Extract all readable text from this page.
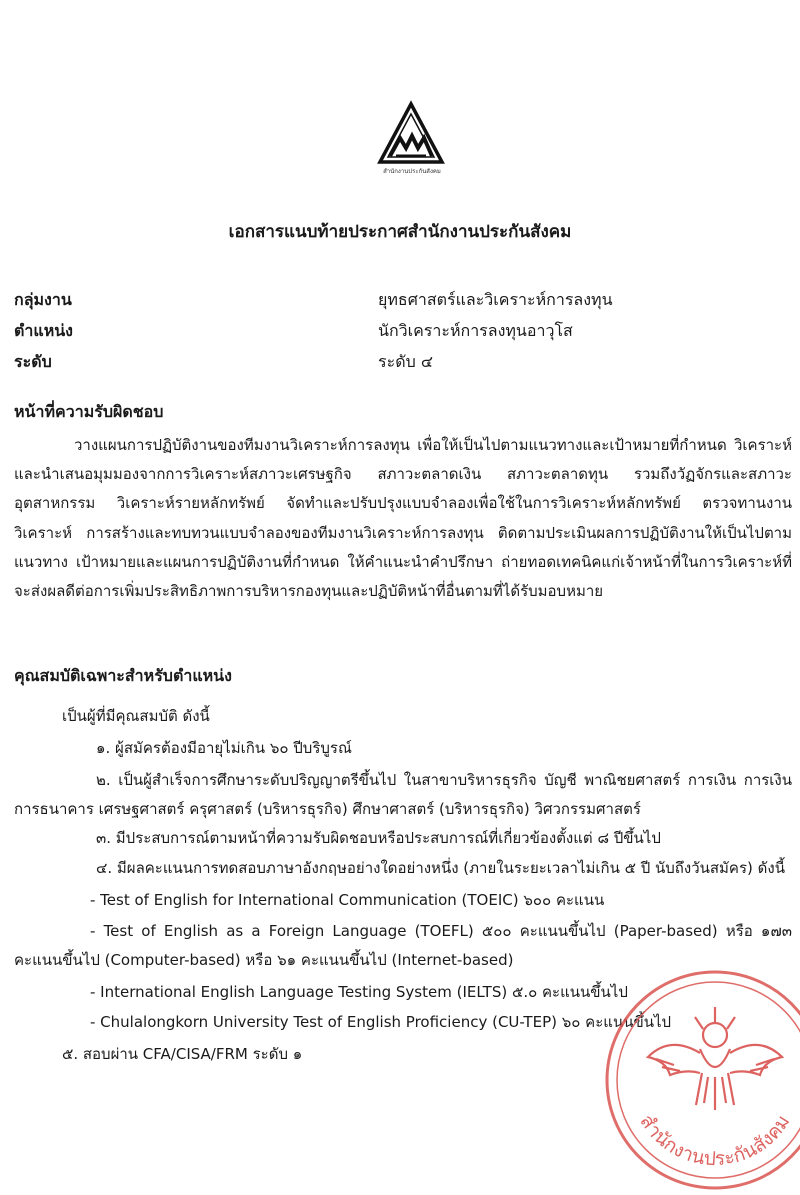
สำนักงานประกันสังคม
เอกสารแนบท้ายประกาศสำนักงานประกันสังคม
กลุ่มงาน	ยุทธศาสตร์และวิเคราะห์การลงทุน
ตำแหน่ง	นักวิเคราะห์การลงทุนอาวุโส
ระดับ	ระดับ ๔
หน้าที่ความรับผิดชอบ
วางแผนการปฏิบัติงานของทีมงานวิเคราะห์การลงทุน เพื่อให้เป็นไปตามแนวทางและเป้าหมายที่กำหนด วิเคราะห์และนำเสนอมุมมองจากการวิเคราะห์สภาวะเศรษฐกิจ สภาวะตลาดเงิน สภาวะตลาดทุน รวมถึงวัฏจักรและสภาวะอุตสาหกรรม วิเคราะห์รายหลักทรัพย์ จัดทำและปรับปรุงแบบจำลองเพื่อใช้ในการวิเคราะห์หลักทรัพย์ ตรวจทานงานวิเคราะห์ การสร้างและทบทวนแบบจำลองของทีมงานวิเคราะห์การลงทุน ติดตามประเมินผลการปฏิบัติงานให้เป็นไปตามแนวทาง เป้าหมายและแผนการปฏิบัติงานที่กำหนด ให้คำแนะนำคำปรึกษา ถ่ายทอดเทคนิคแก่เจ้าหน้าที่ในการวิเคราะห์ที่จะส่งผลดีต่อการเพิ่มประสิทธิภาพการบริหารกองทุนและปฏิบัติหน้าที่อื่นตามที่ได้รับมอบหมาย
คุณสมบัติเฉพาะสำหรับตำแหน่ง
เป็นผู้ที่มีคุณสมบัติ ดังนี้
๑. ผู้สมัครต้องมีอายุไม่เกิน ๖๐ ปีบริบูรณ์
๒. เป็นผู้สำเร็จการศึกษาระดับปริญญาตรีขึ้นไป ในสาขาบริหารธุรกิจ บัญชี พาณิชยศาสตร์ การเงิน การเงินการธนาคาร เศรษฐศาสตร์ ครุศาสตร์ (บริหารธุรกิจ) ศึกษาศาสตร์ (บริหารธุรกิจ) วิศวกรรมศาสตร์
๓. มีประสบการณ์ตามหน้าที่ความรับผิดชอบหรือประสบการณ์ที่เกี่ยวข้องตั้งแต่ ๘ ปีขึ้นไป
๔. มีผลคะแนนการทดสอบภาษาอังกฤษอย่างใดอย่างหนึ่ง (ภายในระยะเวลาไม่เกิน ๕ ปี นับถึงวันสมัคร) ดังนี้
- Test of English for International Communication (TOEIC) ๖๐๐ คะแนน
- Test of English as a Foreign Language (TOEFL) ๕๐๐ คะแนนขึ้นไป (Paper-based) หรือ ๑๗๓ คะแนนขึ้นไป (Computer-based) หรือ ๖๑ คะแนนขึ้นไป (Internet-based)
- International English Language Testing System (IELTS) ๕.๐ คะแนนขึ้นไป
- Chulalongkorn University Test of English Proficiency (CU-TEP) ๖๐ คะแนนขึ้นไป
๕. สอบผ่าน CFA/CISA/FRM ระดับ ๑
สำนักงานประกันสังคม
